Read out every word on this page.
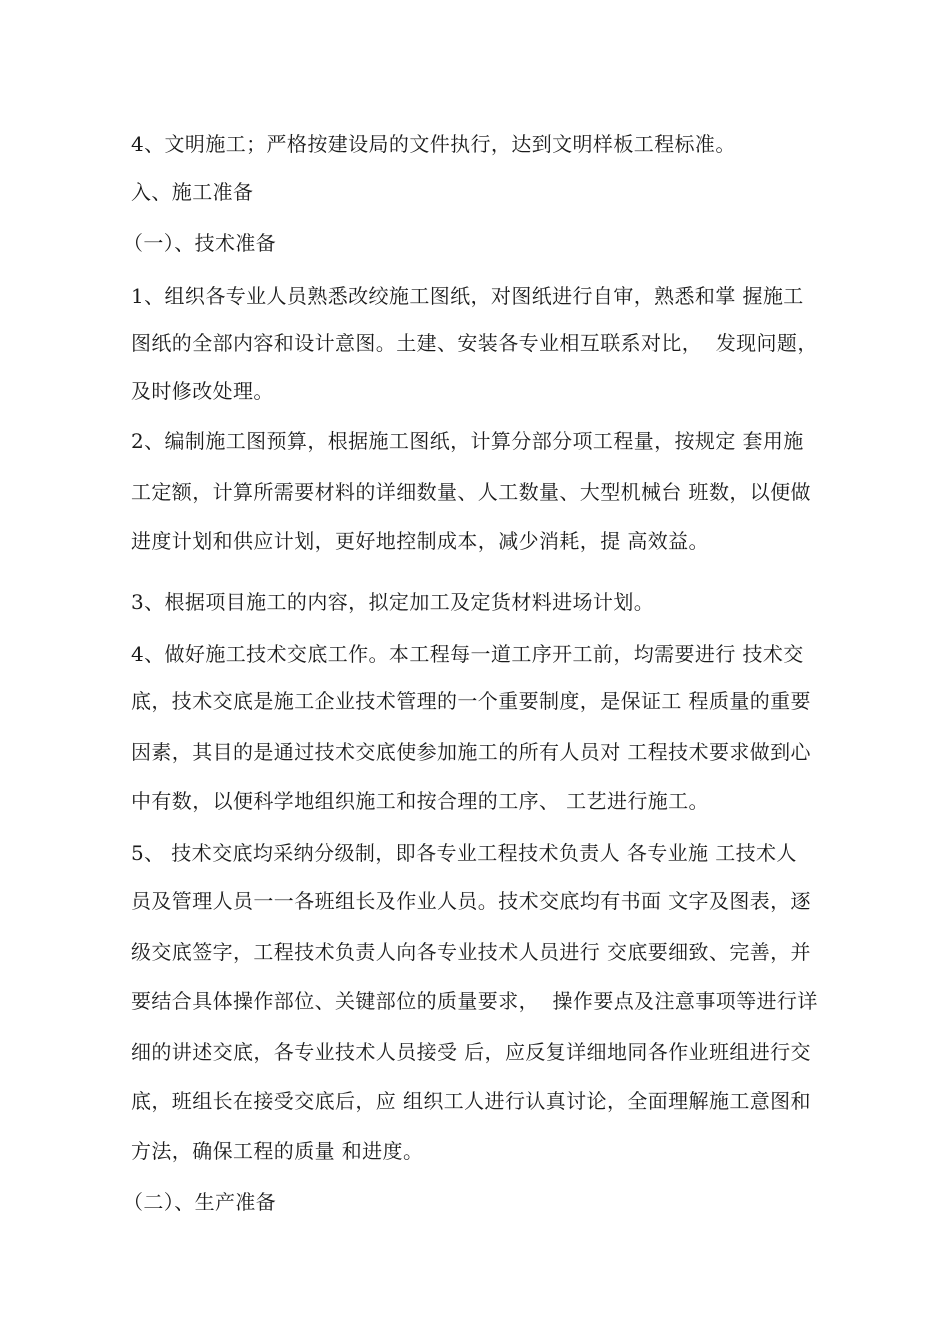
4、文明施工；严格按建设局的文件执行，达到文明样板工程标准。
入、施工准备
（一）、技术准备
1、组织各专业人员熟悉改绞施工图纸，对图纸进行自审，熟悉和掌 握施工
图纸的全部内容和设计意图。土建、安装各专业相互联系对比，  发现问题，
及时修改处理。
2、编制施工图预算，根据施工图纸，计算分部分项工程量，按规定 套用施
工定额，计算所需要材料的详细数量、人工数量、大型机械台 班数，以便做
进度计划和供应计划，更好地控制成本，减少消耗，提 高效益。
3、根据项目施工的内容，拟定加工及定货材料进场计划。
4、做好施工技术交底工作。本工程每一道工序开工前，均需要进行 技术交
底，技术交底是施工企业技术管理的一个重要制度，是保证工 程质量的重要
因素，其目的是通过技术交底使参加施工的所有人员对 工程技术要求做到心
中有数，以便科学地组织施工和按合理的工序、 工艺进行施工。
5、 技术交底均采纳分级制，即各专业工程技术负责人 各专业施 工技术人
员及管理人员一一各班组长及作业人员。技术交底均有书面 文字及图表，逐
级交底签字，工程技术负责人向各专业技术人员进行 交底要细致、完善，并
要结合具体操作部位、关键部位的质量要求，  操作要点及注意事项等进行详
细的讲述交底，各专业技术人员接受 后，应反复详细地同各作业班组进行交
底，班组长在接受交底后，应 组织工人进行认真讨论，全面理解施工意图和
方法，确保工程的质量 和进度。
（二）、生产准备
